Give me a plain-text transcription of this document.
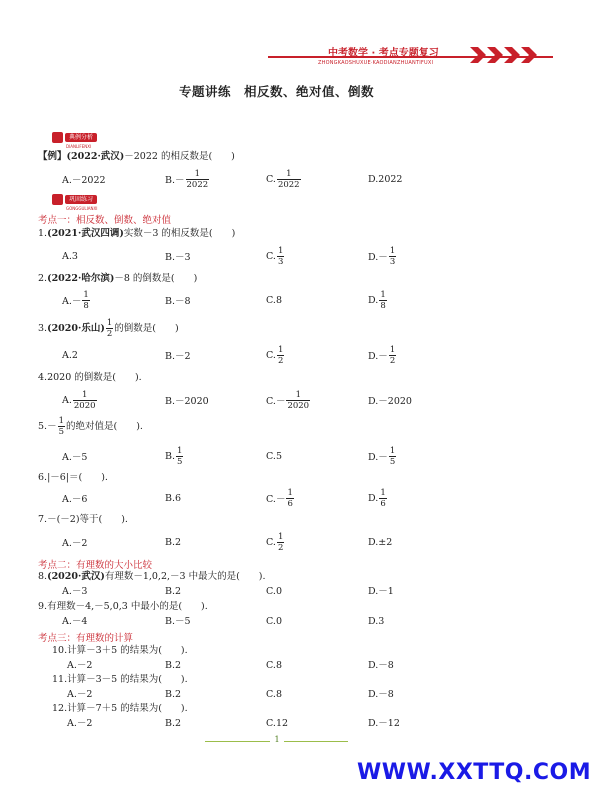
中考数学 · 考点专题复习
ZHONGKAOSHUXUE·KAODIANZHUANTIFUXI
专题讲练　相反数、绝对值、倒数
典例分析
DIANLIFENXI
【例】(2022·武汉)－2022 的相反数是(　　)
A.－2022	$B.- \frac{1}{2022}$	C. $\frac{1}{2022}$	D.2022
巩固练习
GONGGULIANXI
考点一：相反数、倒数、绝对值
1.(2021·武汉四调)实数－3 的相反数是(　　)
A.3	B.－3	C. $\frac{1}{3}$	$D.- \frac{1}{3}$
2.(2022·哈尔滨)－8 的倒数是(　　)
$A.- \frac{1}{8}$	B.－8	C.8	D. $\frac{1}{8}$
3. (2020·乐山) $\frac{1}{2}$ 的倒数是(　　)
A.2	B.－2	C. $\frac{1}{2}$	$D.- \frac{1}{2}$
4.2020 的倒数是(　　).
A. $\frac{1}{2020}$	B.－2020	$C.- \frac{1}{2020}$	D.－2020
$5.- \frac{1}{5}$ 的绝对值是(　　).
A.－5	B. $\frac{1}{5}$	C.5	$D.- \frac{1}{5}$
6.|－6|＝(　　).
A.－6	B.6	$C.- \frac{1}{6}$	D. $\frac{1}{6}$
7.－(－2)等于(　　).
A.－2	B.2	C. $\frac{1}{2}$	D.±2
考点二：有理数的大小比较
8.(2020·武汉)有理数－1,0,2,－3 中最大的是(　　).
A.－3	B.2	C.0	D.－1
9.有理数－4,－5,0,3 中最小的是(　　).
A.－4	B.－5	C.0	D.3
考点三：有理数的计算
10.计算－3＋5 的结果为(　　).
A.－2	B.2	C.8	D.－8
11.计算－3－5 的结果为(　　).
A.－2	B.2	C.8	D.－8
12.计算－7＋5 的结果为(　　).
A.－2	B.2	C.12	D.－12
1
WWW.XXTTQ.COM
